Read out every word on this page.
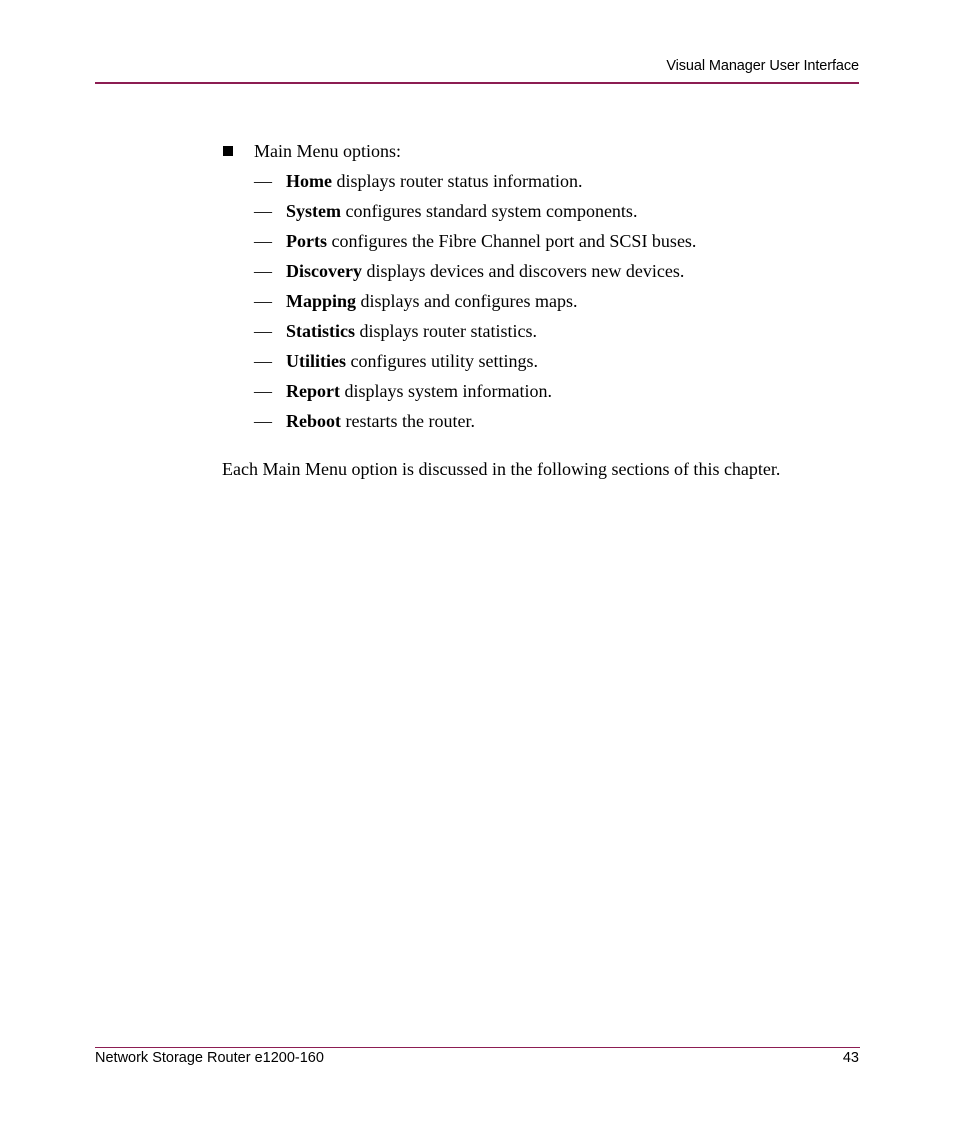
Visual Manager User Interface
Main Menu options:
— Home displays router status information.
— System configures standard system components.
— Ports configures the Fibre Channel port and SCSI buses.
— Discovery displays devices and discovers new devices.
— Mapping displays and configures maps.
— Statistics displays router statistics.
— Utilities configures utility settings.
— Report displays system information.
— Reboot restarts the router.

Each Main Menu option is discussed in the following sections of this chapter.

Network Storage Router e1200-160	43
